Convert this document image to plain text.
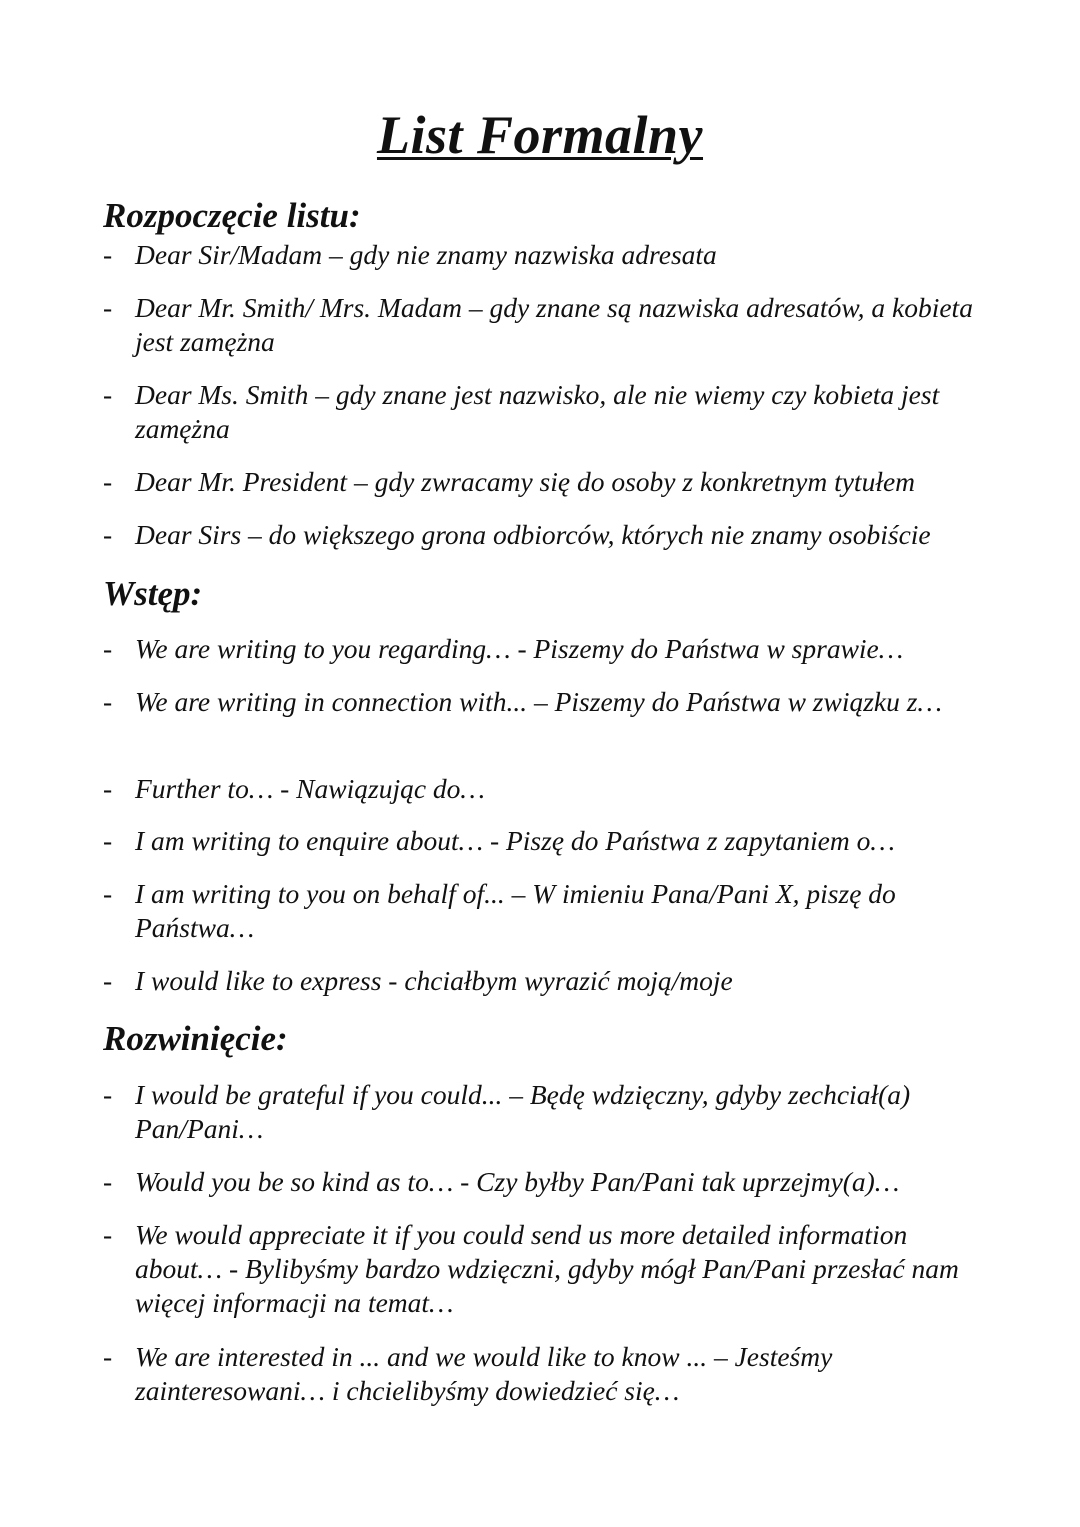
List Formalny
Rozpoczęcie listu:
- Dear Sir/Madam – gdy nie znamy nazwiska adresata
- Dear Mr. Smith/ Mrs. Madam – gdy znane są nazwiska adresatów, a kobieta jest zamężna
- Dear Ms. Smith – gdy znane jest nazwisko, ale nie wiemy czy kobieta jest zamężna
- Dear Mr. President – gdy zwracamy się do osoby z konkretnym tytułem
- Dear Sirs – do większego grona odbiorców, których nie znamy osobiście
Wstęp:
- We are writing to you regarding… - Piszemy do Państwa w sprawie…
- We are writing in connection with... – Piszemy do Państwa w związku z…
- Further to… - Nawiązując do…
- I am writing to enquire about… - Piszę do Państwa z zapytaniem o…
- I am writing to you on behalf of... – W imieniu Pana/Pani X, piszę do Państwa…
- I would like to express - chciałbym wyrazić moją/moje
Rozwinięcie:
- I would be grateful if you could... – Będę wdzięczny, gdyby zechciał(a) Pan/Pani…
- Would you be so kind as to… - Czy byłby Pan/Pani tak uprzejmy(a)…
- We would appreciate it if you could send us more detailed information about… - Bylibyśmy bardzo wdzięczni, gdyby mógł Pan/Pani przesłać nam więcej informacji na temat…
- We are interested in ... and we would like to know ... – Jesteśmy zainteresowani… i chcielibyśmy dowiedzieć się…
